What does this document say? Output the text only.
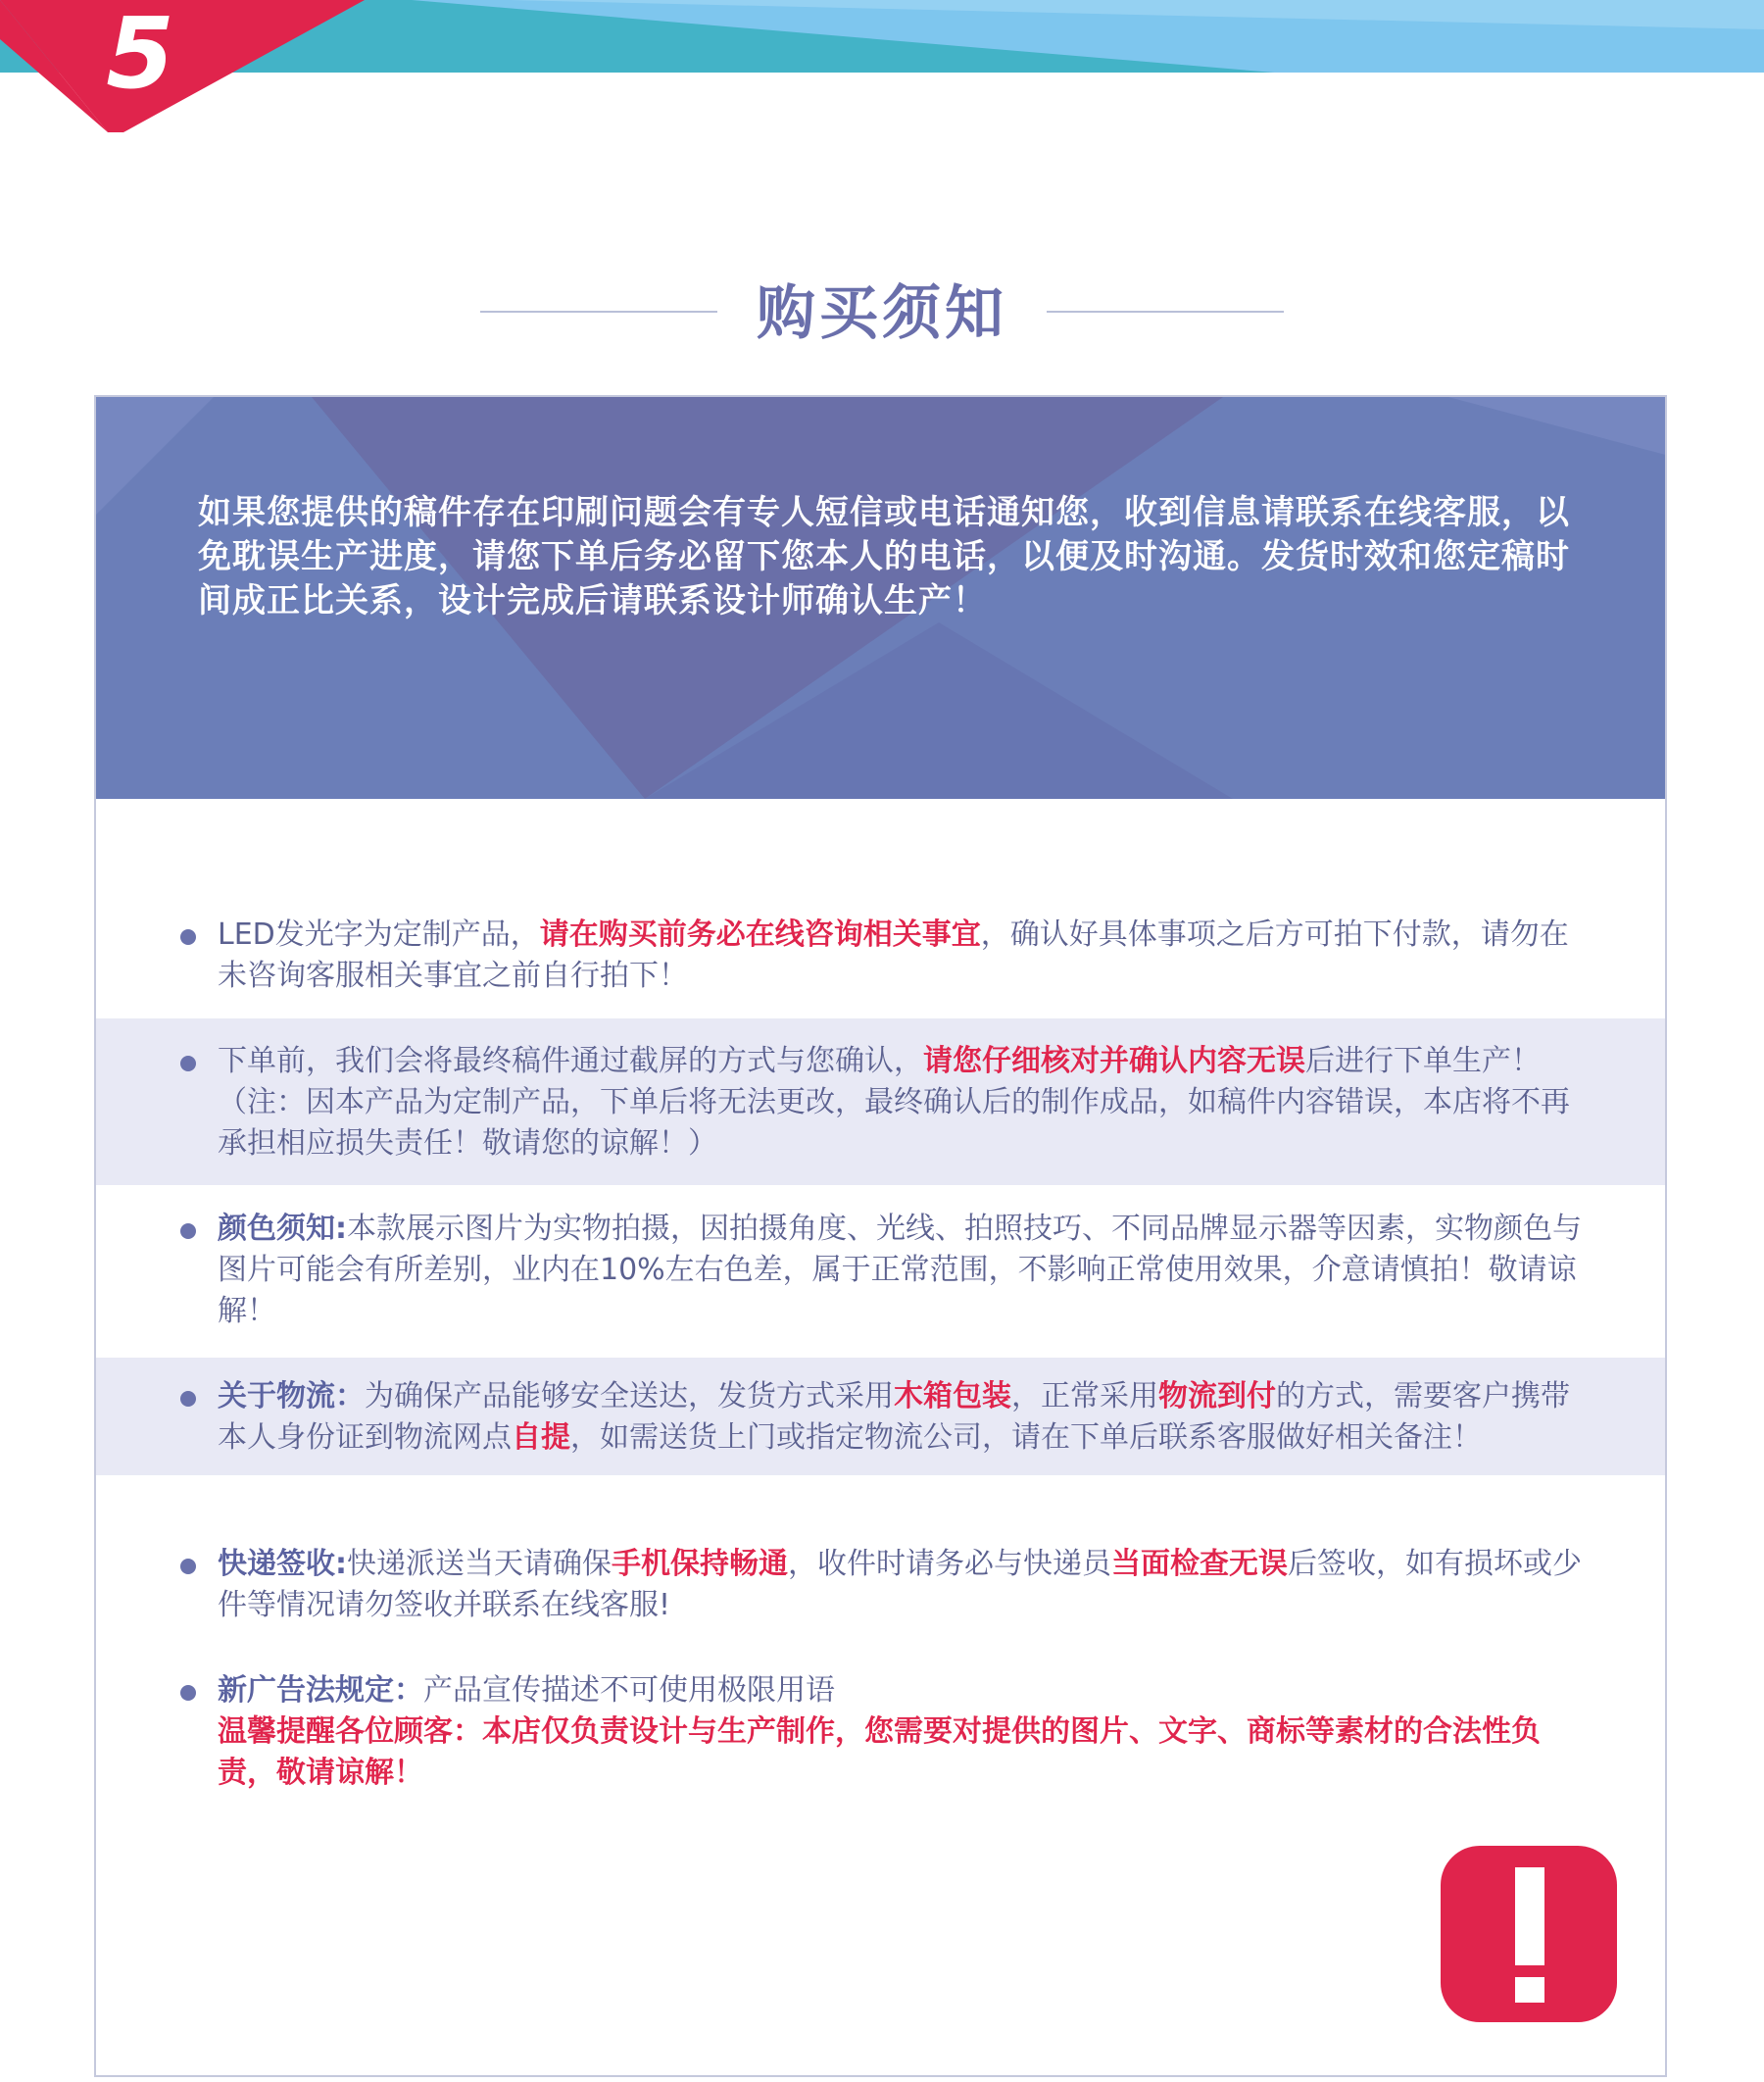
5
购买须知
如果您提供的稿件存在印刷问题会有专人短信或电话通知您，收到信息请联系在线客服，以免耽误生产进度，请您下单后务必留下您本人的电话，以便及时沟通。发货时效和您定稿时间成正比关系，设计完成后请联系设计师确认生产！
LED发光字为定制产品，请在购买前务必在线咨询相关事宜，确认好具体事项之后方可拍下付款，请勿在未咨询客服相关事宜之前自行拍下！
下单前，我们会将最终稿件通过截屏的方式与您确认，请您仔细核对并确认内容无误后进行下单生产！（注：因本产品为定制产品，下单后将无法更改，最终确认后的制作成品，如稿件内容错误，本店将不再承担相应损失责任！敬请您的谅解！）
颜色须知:本款展示图片为实物拍摄，因拍摄角度、光线、拍照技巧、不同品牌显示器等因素，实物颜色与图片可能会有所差别，业内在10%左右色差，属于正常范围，不影响正常使用效果，介意请慎拍！敬请谅解！
关于物流：为确保产品能够安全送达，发货方式采用木箱包装，正常采用物流到付的方式，需要客户携带本人身份证到物流网点自提，如需送货上门或指定物流公司，请在下单后联系客服做好相关备注！
快递签收:快递派送当天请确保手机保持畅通，收件时请务必与快递员当面检查无误后签收，如有损坏或少件等情况请勿签收并联系在线客服!
新广告法规定：产品宣传描述不可使用极限用语
温馨提醒各位顾客：本店仅负责设计与生产制作，您需要对提供的图片、文字、商标等素材的合法性负责，敬请谅解！
